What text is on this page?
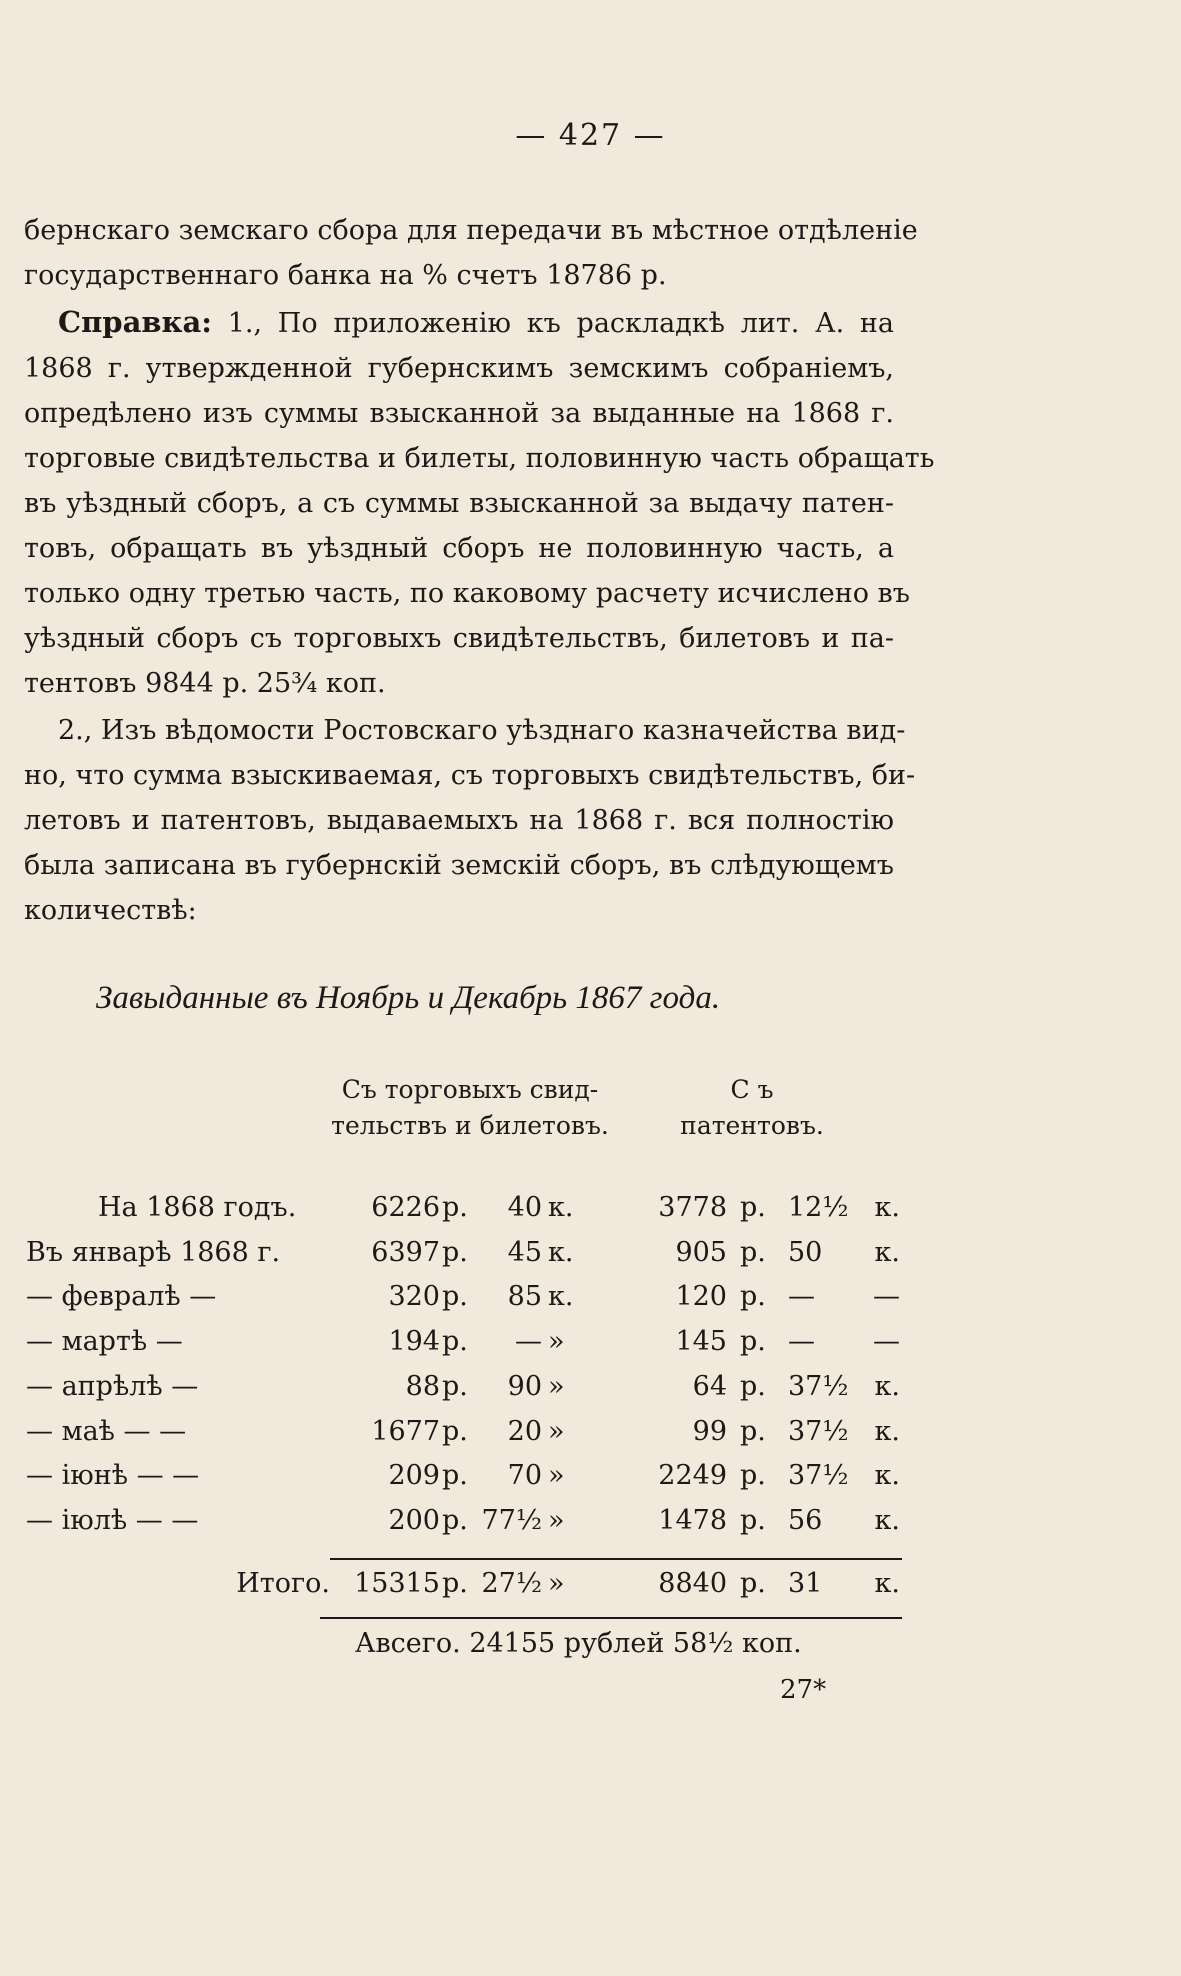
— 427 —
бернскаго земскаго сбора для передачи въ мѣстное отдѣленіе
государственнаго банка на % счетъ 18786 р.
Справка: 1., По приложенію къ раскладкѣ лит. А. на
1868 г. утвержденной губернскимъ земскимъ собраніемъ,
опредѣлено изъ суммы взысканной за выданные на 1868 г.
торговые свидѣтельства и билеты, половинную часть обращать
въ уѣздный сборъ, а съ суммы взысканной за выдачу патен-
товъ, обращать въ уѣздный сборъ не половинную часть, а
только одну третью часть, по каковому расчету исчислено въ
уѣздный сборъ съ торговыхъ свидѣтельствъ, билетовъ и па-
тентовъ 9844 р. 25¾ коп.
2., Изъ вѣдомости Ростовскаго уѣзднаго казначейства вид-
но, что сумма взыскиваемая, съ торговыхъ свидѣтельствъ, би-
летовъ и патентовъ, выдаваемыхъ на 1868 г. вся полностію
была записана въ губернскій земскій сборъ, въ слѣдующемъ
количествѣ:
Завыданные въ Ноябрь и Декабрь 1867 года.
Съ торговыхъ свид-
тельствъ и билетовъ.
С ъ
патентовъ.
На 1868 годъ.	6226 р. 40 к.	3778 р. 12½ к.
Въ январѣ 1868 г.	6397 р. 45 к.	905 р. 50 к.
— февралѣ —	320 р. 85 к.	120 р. — —
— мартѣ —	194 р. — »	145 р. — —
— апрѣлѣ —	88 р. 90 »	64 р. 37½ к.
— маѣ — —	1677 р. 20 »	99 р. 37½ к.
— іюнѣ — —	209 р. 70 »	2249 р. 37½ к.
— іюлѣ — —	200 р. 77½ »	1478 р. 56 к.
Итого. 15315 р. 27½ »	8840 р. 31 к.
Авсего. 24155 рублей 58½ коп.
27*
